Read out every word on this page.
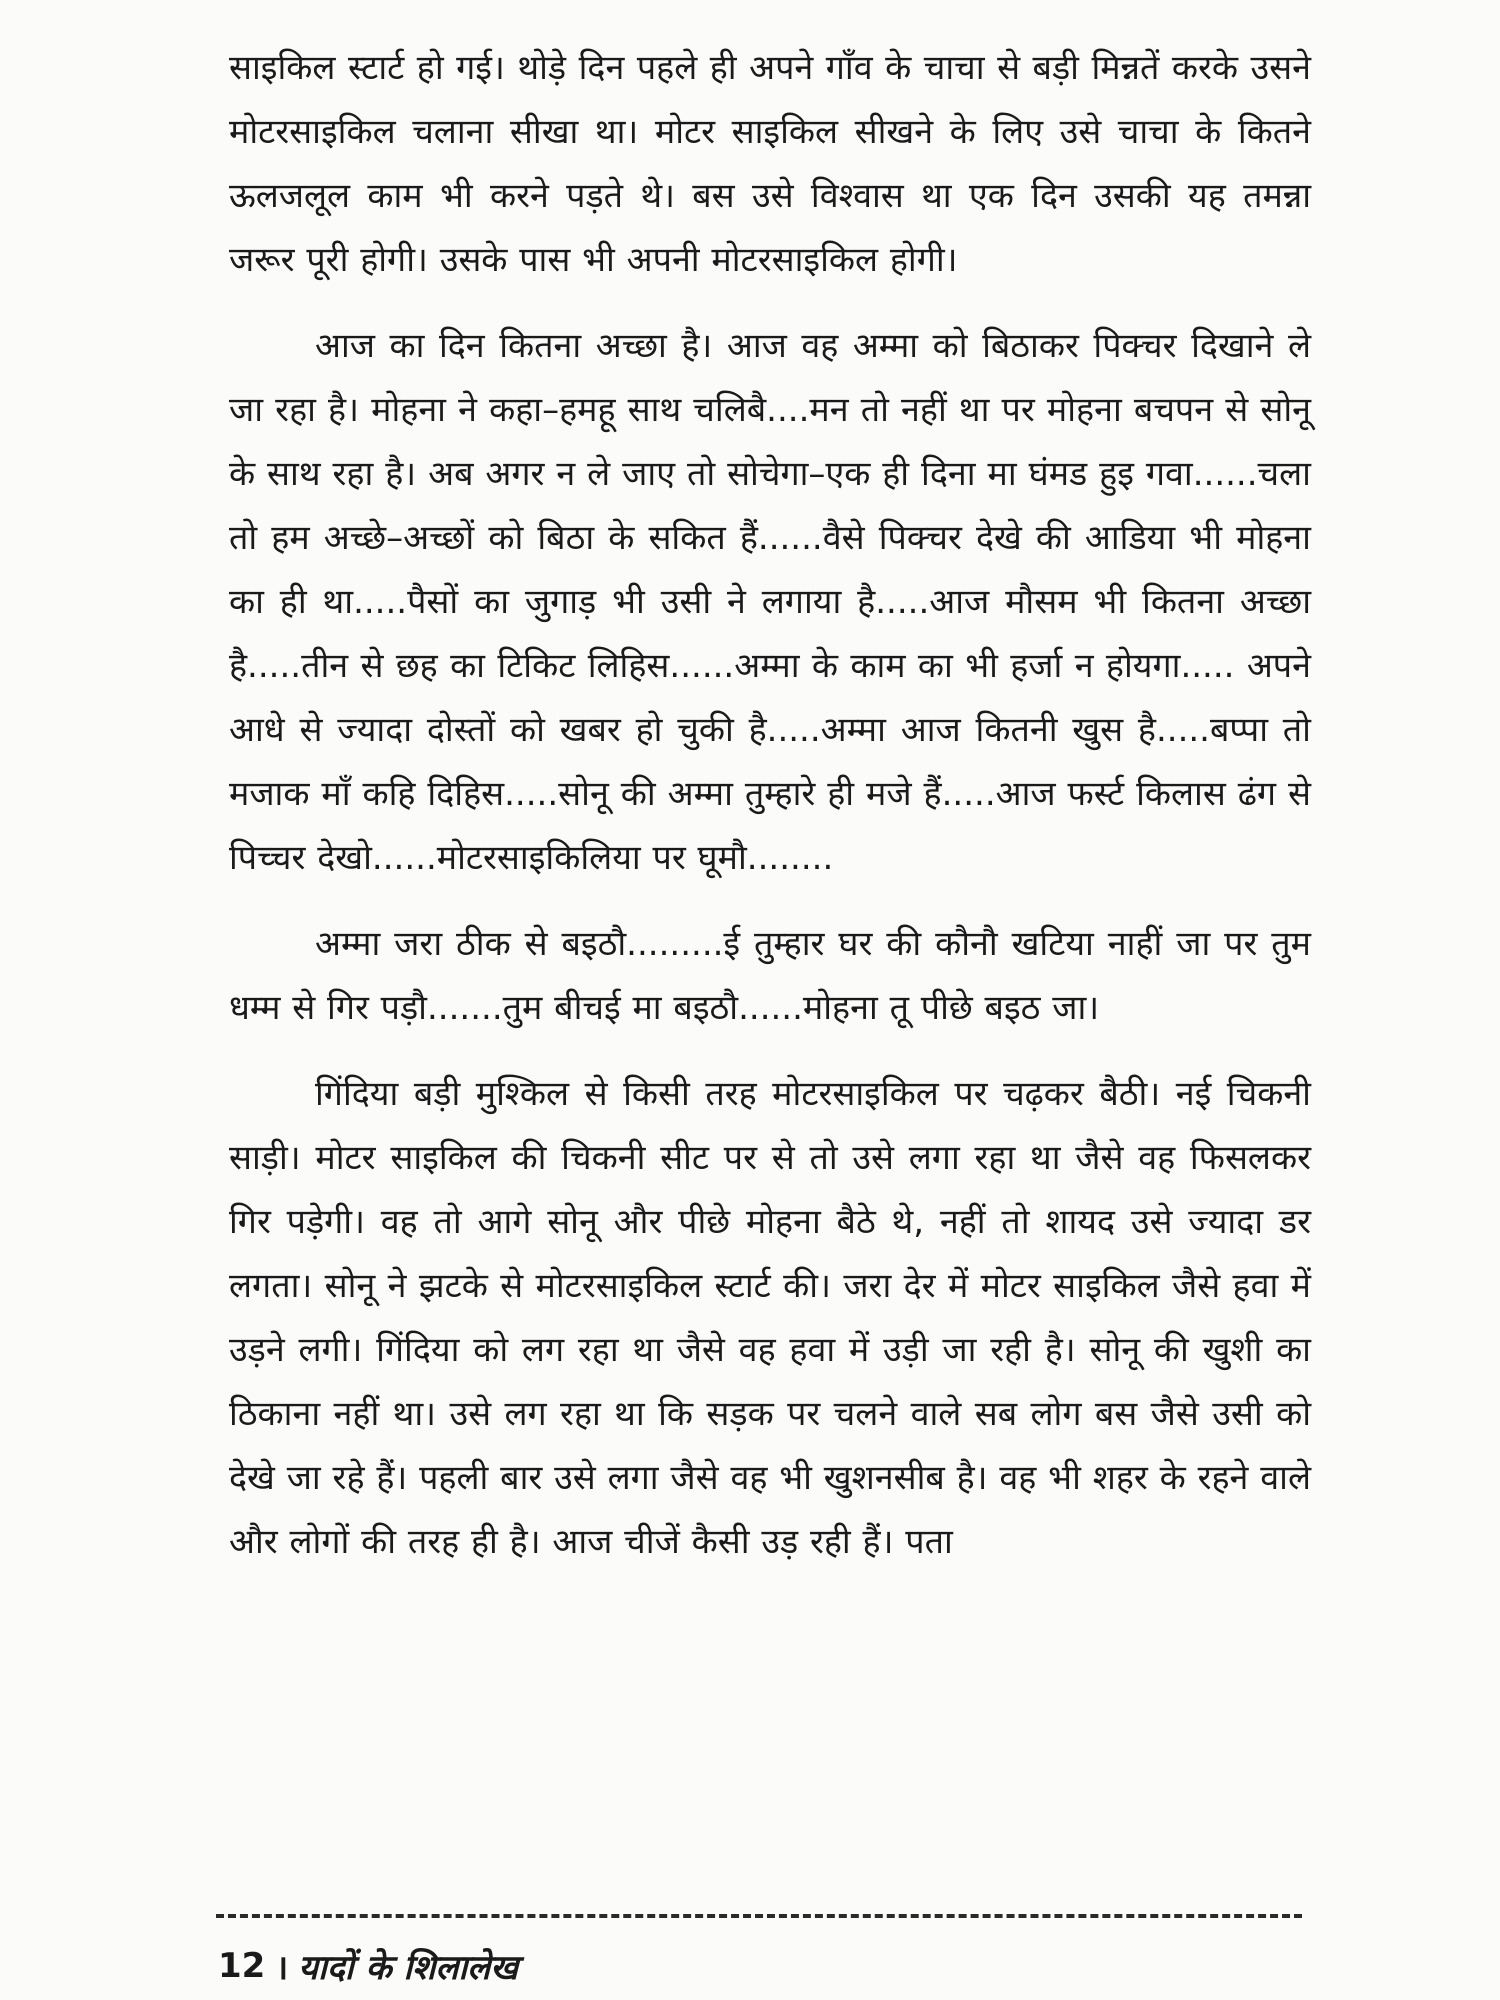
साइकिल स्टार्ट हो गई। थोड़े दिन पहले ही अपने गाँव के चाचा से बड़ी मिन्नतें करके उसने मोटरसाइकिल चलाना सीखा था। मोटर साइकिल सीखने के लिए उसे चाचा के कितने ऊलजलूल काम भी करने पड़ते थे। बस उसे विश्वास था एक दिन उसकी यह तमन्ना जरूर पूरी होगी। उसके पास भी अपनी मोटरसाइकिल होगी।

आज का दिन कितना अच्छा है। आज वह अम्मा को बिठाकर पिक्चर दिखाने ले जा रहा है। मोहना ने कहा–हमहू साथ चलिबै....मन तो नहीं था पर मोहना बचपन से सोनू के साथ रहा है। अब अगर न ले जाए तो सोचेगा–एक ही दिना मा घंमड हुइ गवा......चला तो हम अच्छे–अच्छों को बिठा के सकित हैं......वैसे पिक्चर देखे की आडिया भी मोहना का ही था.....पैसों का जुगाड़ भी उसी ने लगाया है.....आज मौसम भी कितना अच्छा है.....तीन से छह का टिकिट लिहिस......अम्मा के काम का भी हर्जा न होयगा..... अपने आधे से ज्यादा दोस्तों को खबर हो चुकी है.....अम्मा आज कितनी खुस है.....बप्पा तो मजाक माँ कहि दिहिस.....सोनू की अम्मा तुम्हारे ही मजे हैं.....आज फर्स्ट किलास ढंग से पिच्चर देखो......मोटरसाइकिलिया पर घूमौ........

अम्मा जरा ठीक से बइठौ.........ई तुम्हार घर की कौनौ खटिया नाहीं जा पर तुम धम्म से गिर पड़ौ.......तुम बीचई मा बइठौ......मोहना तू पीछे बइठ जा।

गिंदिया बड़ी मुश्किल से किसी तरह मोटरसाइकिल पर चढ़कर बैठी। नई चिकनी साड़ी। मोटर साइकिल की चिकनी सीट पर से तो उसे लगा रहा था जैसे वह फिसलकर गिर पड़ेगी। वह तो आगे सोनू और पीछे मोहना बैठे थे, नहीं तो शायद उसे ज्यादा डर लगता। सोनू ने झटके से मोटरसाइकिल स्टार्ट की। जरा देर में मोटर साइकिल जैसे हवा में उड़ने लगी। गिंदिया को लग रहा था जैसे वह हवा में उड़ी जा रही है। सोनू की खुशी का ठिकाना नहीं था। उसे लग रहा था कि सड़क पर चलने वाले सब लोग बस जैसे उसी को देखे जा रहे हैं। पहली बार उसे लगा जैसे वह भी खुशनसीब है। वह भी शहर के रहने वाले और लोगों की तरह ही है। आज चीजें कैसी उड़ रही हैं। पता

12 । यादों के शिलालेख
